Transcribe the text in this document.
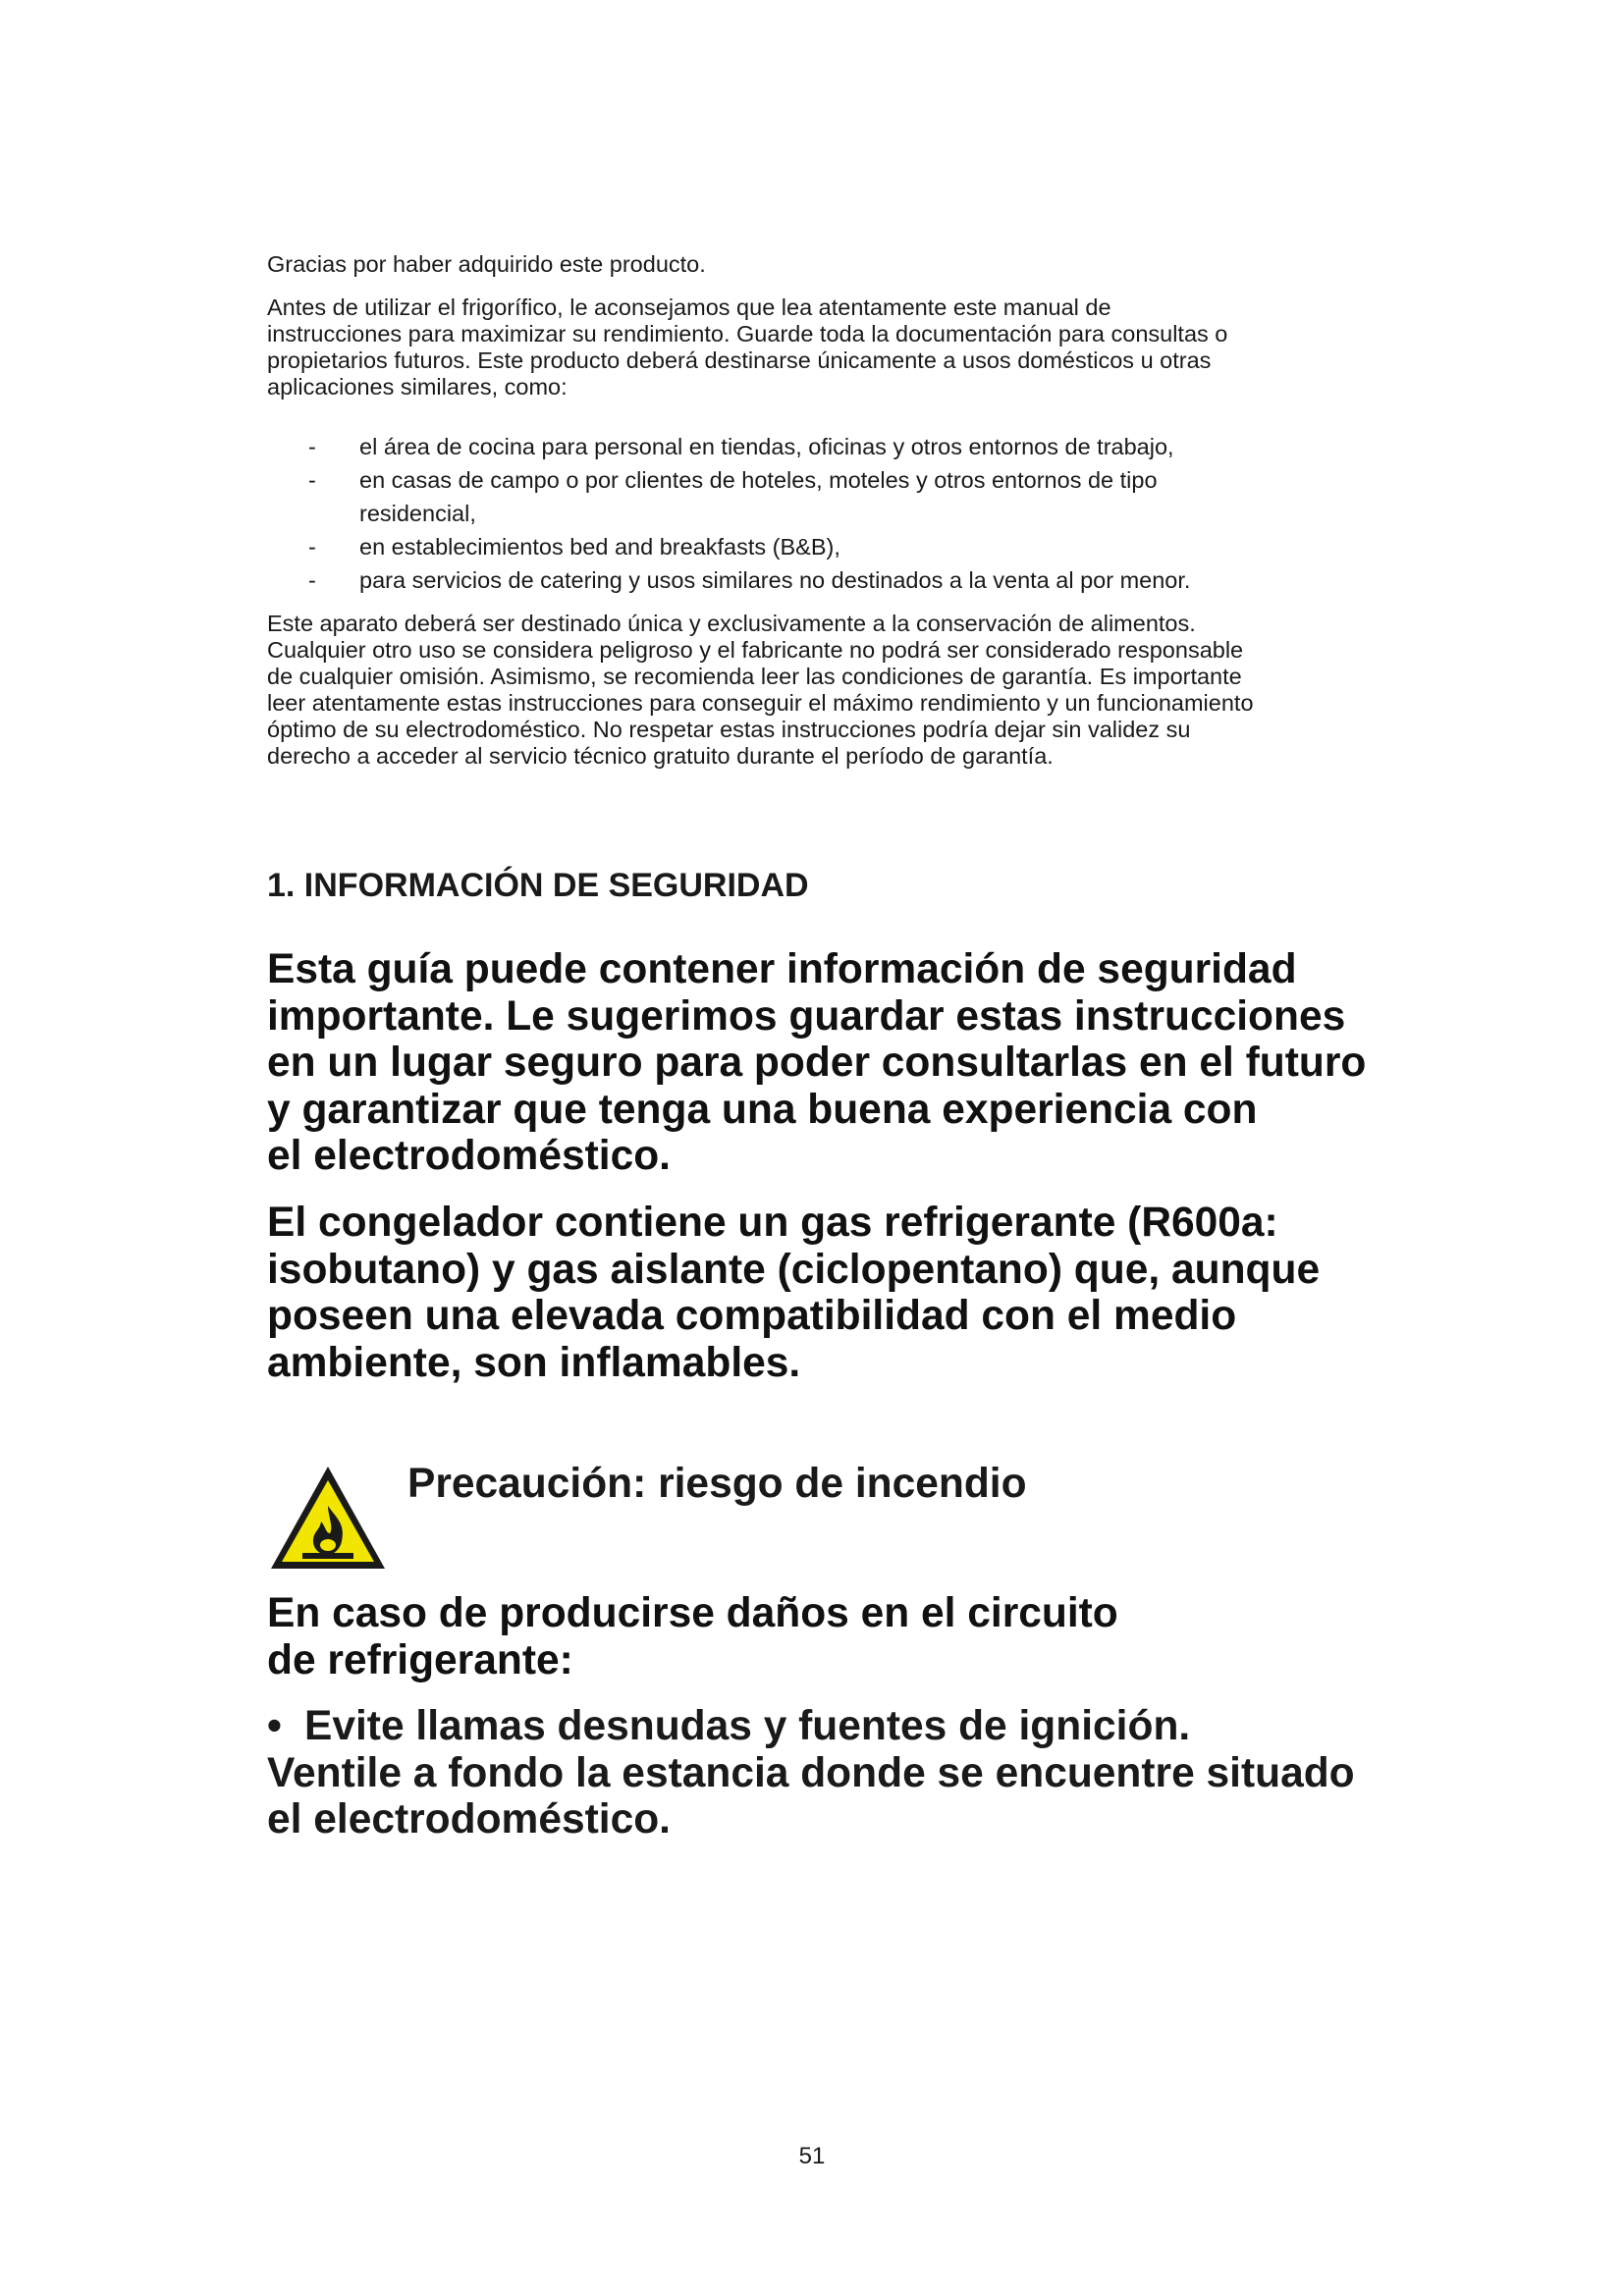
Gracias por haber adquirido este producto.

Antes de utilizar el frigorífico, le aconsejamos que lea atentamente este manual de
instrucciones para maximizar su rendimiento. Guarde toda la documentación para consultas o
propietarios futuros. Este producto deberá destinarse únicamente a usos domésticos u otras
aplicaciones similares, como:

- el área de cocina para personal en tiendas, oficinas y otros entornos de trabajo,
- en casas de campo o por clientes de hoteles, moteles y otros entornos de tipo
residencial,
- en establecimientos bed and breakfasts (B&B),
- para servicios de catering y usos similares no destinados a la venta al por menor.

Este aparato deberá ser destinado única y exclusivamente a la conservación de alimentos.
Cualquier otro uso se considera peligroso y el fabricante no podrá ser considerado responsable
de cualquier omisión. Asimismo, se recomienda leer las condiciones de garantía. Es importante
leer atentamente estas instrucciones para conseguir el máximo rendimiento y un funcionamiento
óptimo de su electrodoméstico. No respetar estas instrucciones podría dejar sin validez su
derecho a acceder al servicio técnico gratuito durante el período de garantía.

1. INFORMACIÓN DE SEGURIDAD

Esta guía puede contener información de seguridad
importante. Le sugerimos guardar estas instrucciones
en un lugar seguro para poder consultarlas en el futuro
y garantizar que tenga una buena experiencia con
el electrodoméstico.

El congelador contiene un gas refrigerante (R600a:
isobutano) y gas aislante (ciclopentano) que, aunque
poseen una elevada compatibilidad con el medio
ambiente, son inflamables.

Precaución: riesgo de incendio

En caso de producirse daños en el circuito
de refrigerante:

• Evite llamas desnudas y fuentes de ignición.
Ventile a fondo la estancia donde se encuentre situado
el electrodoméstico.

51
